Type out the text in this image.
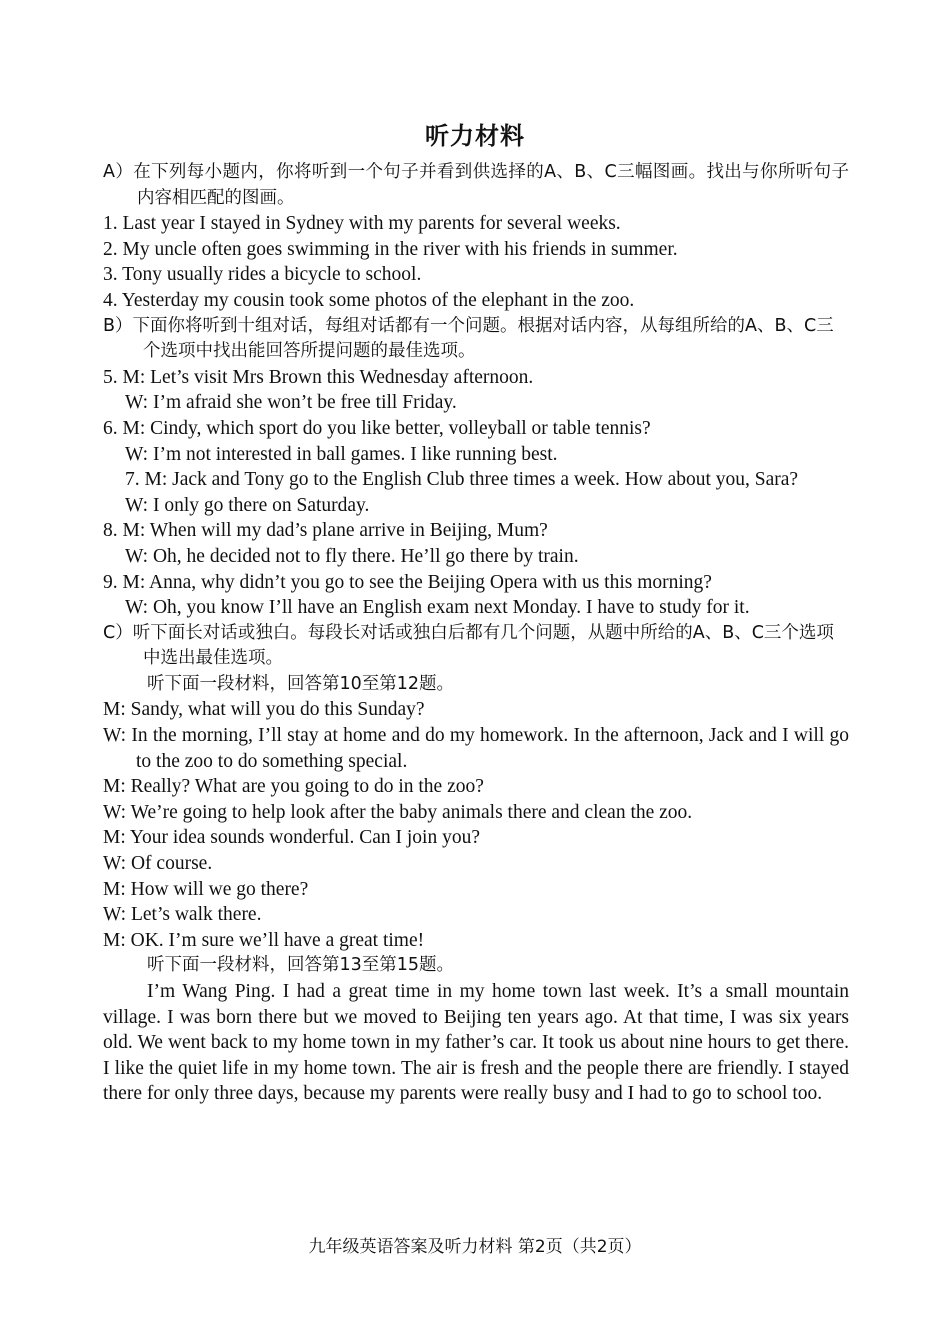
听力材料

A）在下列每小题内，你将听到一个句子并看到供选择的A、B、C三幅图画。找出与你所听句子内容相匹配的图画。

1. Last year I stayed in Sydney with my parents for several weeks.

2. My uncle often goes swimming in the river with his friends in summer.

3. Tony usually rides a bicycle to school.

4. Yesterday my cousin took some photos of the elephant in the zoo.

B）下面你将听到十组对话，每组对话都有一个问题。根据对话内容，从每组所给的A、B、C三个选项中找出能回答所提问题的最佳选项。

5. M: Let’s visit Mrs Brown this Wednesday afternoon.

W: I’m afraid she won’t be free till Friday.

6. M: Cindy, which sport do you like better, volleyball or table tennis?

W: I’m not interested in ball games. I like running best.

7. M: Jack and Tony go to the English Club three times a week. How about you, Sara?

W: I only go there on Saturday.

8. M: When will my dad’s plane arrive in Beijing, Mum?

W: Oh, he decided not to fly there. He’ll go there by train.

9. M: Anna, why didn’t you go to see the Beijing Opera with us this morning?

W: Oh, you know I’ll have an English exam next Monday. I have to study for it.

C）听下面长对话或独白。每段长对话或独白后都有几个问题，从题中所给的A、B、C三个选项中选出最佳选项。

听下面一段材料，回答第10至第12题。

M: Sandy, what will you do this Sunday?

W: In the morning, I’ll stay at home and do my homework. In the afternoon, Jack and I will go to the zoo to do something special.

M: Really? What are you going to do in the zoo?

W: We’re going to help look after the baby animals there and clean the zoo.

M: Your idea sounds wonderful. Can I join you?

W: Of course.

M: How will we go there?

W: Let’s walk there.

M: OK. I’m sure we’ll have a great time!

听下面一段材料，回答第13至第15题。

I’m Wang Ping. I had a great time in my home town last week. It’s a small mountain village. I was born there but we moved to Beijing ten years ago. At that time, I was six years old. We went back to my home town in my father’s car. It took us about nine hours to get there. I like the quiet life in my home town. The air is fresh and the people there are friendly. I stayed there for only three days, because my parents were really busy and I had to go to school too.

九年级英语答案及听力材料 第2页（共2页）
